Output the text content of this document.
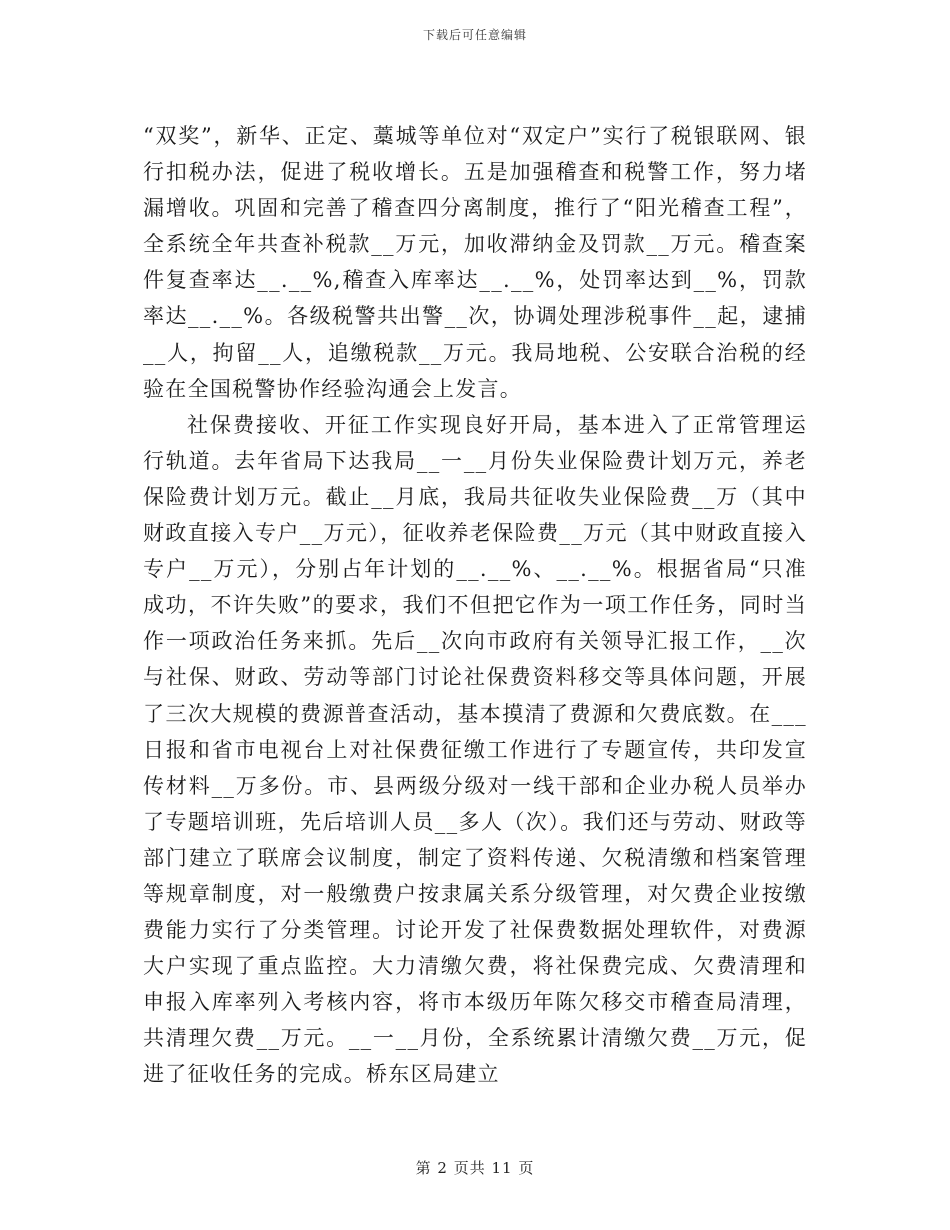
下载后可任意编辑

“双奖”，新华、正定、藁城等单位对“双定户”实行了税银联网、银行扣税办法，促进了税收增长。五是加强稽查和税警工作，努力堵漏增收。巩固和完善了稽查四分离制度，推行了“阳光稽查工程”，全系统全年共查补税款__万元，加收滞纳金及罚款__万元。稽查案件复查率达__.__%,稽查入库率达__.__%，处罚率达到__%，罚款率达__.__%。各级税警共出警__次，协调处理涉税事件__起，逮捕__人，拘留__人，追缴税款__万元。我局地税、公安联合治税的经验在全国税警协作经验沟通会上发言。

社保费接收、开征工作实现良好开局，基本进入了正常管理运行轨道。去年省局下达我局__一__月份失业保险费计划万元，养老保险费计划万元。截止__月底，我局共征收失业保险费__万（其中财政直接入专户__万元），征收养老保险费__万元（其中财政直接入专户__万元），分别占年计划的__.__%、__.__%。根据省局“只准成功，不许失败”的要求，我们不但把它作为一项工作任务，同时当作一项政治任务来抓。先后__次向市政府有关领导汇报工作，__次与社保、财政、劳动等部门讨论社保费资料移交等具体问题，开展了三次大规模的费源普查活动，基本摸清了费源和欠费底数。在___日报和省市电视台上对社保费征缴工作进行了专题宣传，共印发宣传材料__万多份。市、县两级分级对一线干部和企业办税人员举办了专题培训班，先后培训人员__多人（次）。我们还与劳动、财政等部门建立了联席会议制度，制定了资料传递、欠税清缴和档案管理等规章制度，对一般缴费户按隶属关系分级管理，对欠费企业按缴费能力实行了分类管理。讨论开发了社保费数据处理软件，对费源大户实现了重点监控。大力清缴欠费，将社保费完成、欠费清理和申报入库率列入考核内容，将市本级历年陈欠移交市稽查局清理，共清理欠费__万元。__一__月份，全系统累计清缴欠费__万元，促进了征收任务的完成。桥东区局建立

第 2 页共 11 页
